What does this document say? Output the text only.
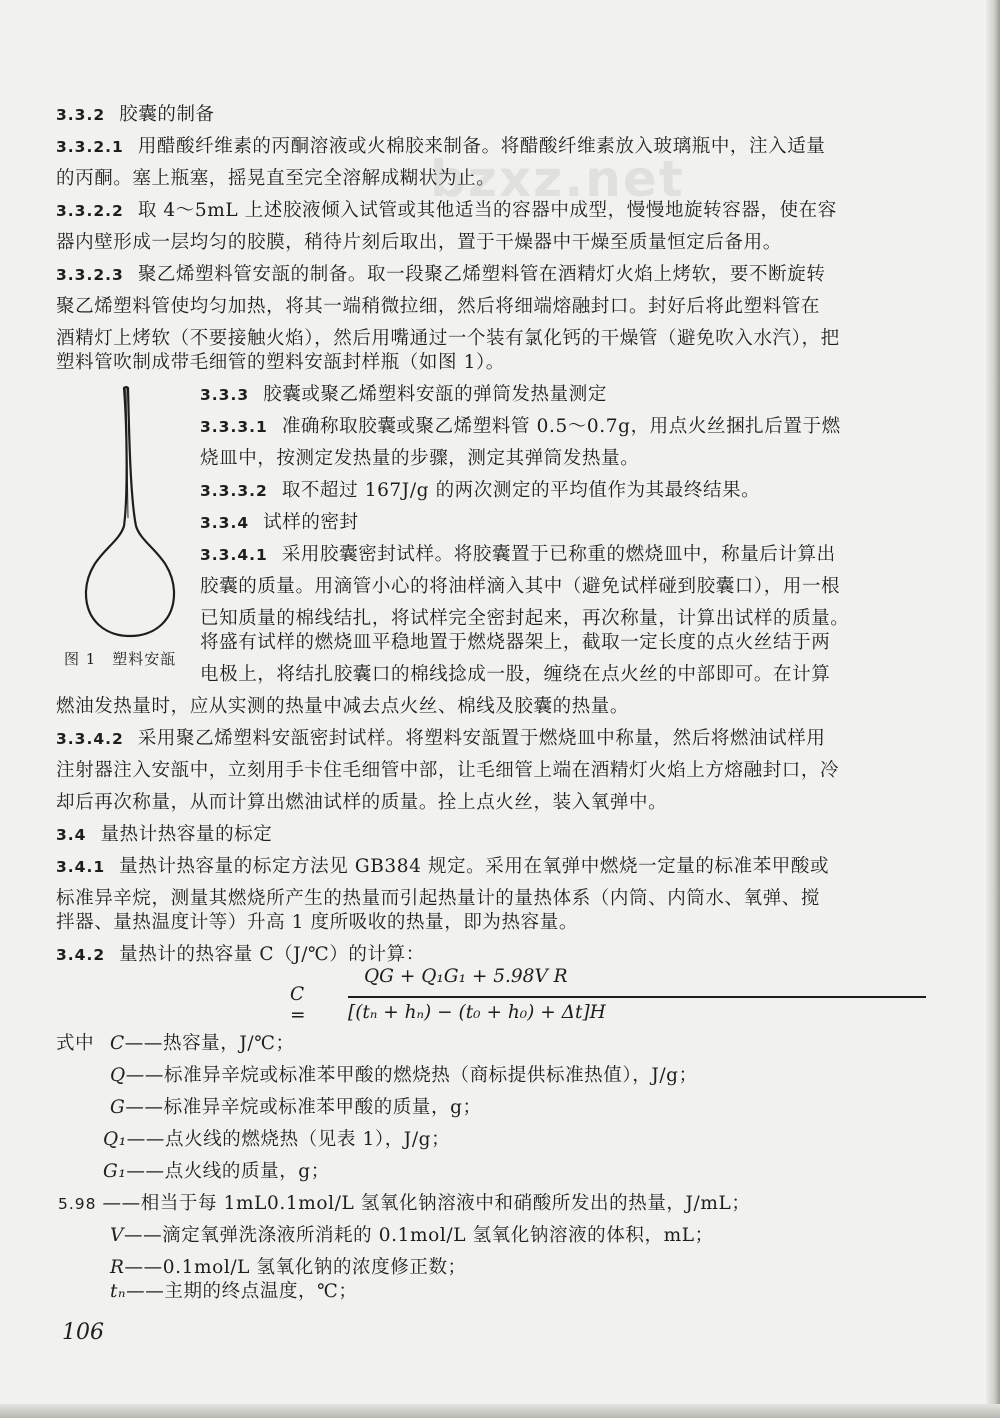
bzxz.net
3.3.2 胶囊的制备
3.3.2.1 用醋酸纤维素的丙酮溶液或火棉胶来制备。将醋酸纤维素放入玻璃瓶中，注入适量
的丙酮。塞上瓶塞，摇晃直至完全溶解成糊状为止。
3.3.2.2 取 4～5mL 上述胶液倾入试管或其他适当的容器中成型，慢慢地旋转容器，使在容
器内壁形成一层均匀的胶膜，稍待片刻后取出，置于干燥器中干燥至质量恒定后备用。
3.3.2.3 聚乙烯塑料管安瓿的制备。取一段聚乙烯塑料管在酒精灯火焰上烤软，要不断旋转
聚乙烯塑料管使均匀加热，将其一端稍微拉细，然后将细端熔融封口。封好后将此塑料管在
酒精灯上烤软（不要接触火焰），然后用嘴通过一个装有氯化钙的干燥管（避免吹入水汽），把
塑料管吹制成带毛细管的塑料安瓿封样瓶（如图 1）。
3.3.3 胶囊或聚乙烯塑料安瓿的弹筒发热量测定
3.3.3.1 准确称取胶囊或聚乙烯塑料管 0.5～0.7g，用点火丝捆扎后置于燃
烧皿中，按测定发热量的步骤，测定其弹筒发热量。
3.3.3.2 取不超过 167J/g 的两次测定的平均值作为其最终结果。
3.3.4 试样的密封
3.3.4.1 采用胶囊密封试样。将胶囊置于已称重的燃烧皿中，称量后计算出
胶囊的质量。用滴管小心的将油样滴入其中（避免试样碰到胶囊口），用一根
已知质量的棉线结扎，将试样完全密封起来，再次称量，计算出试样的质量。
将盛有试样的燃烧皿平稳地置于燃烧器架上，截取一定长度的点火丝结于两
电极上，将结扎胶囊口的棉线捻成一股，缠绕在点火丝的中部即可。在计算
燃油发热量时，应从实测的热量中减去点火丝、棉线及胶囊的热量。
3.3.4.2 采用聚乙烯塑料安瓿密封试样。将塑料安瓿置于燃烧皿中称量，然后将燃油试样用
注射器注入安瓿中，立刻用手卡住毛细管中部，让毛细管上端在酒精灯火焰上方熔融封口，冷
却后再次称量，从而计算出燃油试样的质量。拴上点火丝，装入氧弹中。
3.4 量热计热容量的标定
3.4.1 量热计热容量的标定方法见 GB384 规定。采用在氧弹中燃烧一定量的标准苯甲酸或
标准异辛烷，测量其燃烧所产生的热量而引起热量计的量热体系（内筒、内筒水、氧弹、搅
拌器、量热温度计等）升高 1 度所吸收的热量，即为热容量。
3.4.2 量热计的热容量 C（J/℃）的计算：
C =
QG + Q₁G₁ + 5.98V R
[(tₙ + hₙ) − (t₀ + h₀) + Δt]H
式中 C——热容量，J/℃；
Q——标准异辛烷或标准苯甲酸的燃烧热（商标提供标准热值），J/g；
G——标准异辛烷或标准苯甲酸的质量，g；
Q₁——点火线的燃烧热（见表 1），J/g；
G₁——点火线的质量，g；
5.98 ——相当于每 1mL0.1mol/L 氢氧化钠溶液中和硝酸所发出的热量，J/mL；
V——滴定氧弹洗涤液所消耗的 0.1mol/L 氢氧化钠溶液的体积，mL；
R——0.1mol/L 氢氧化钠的浓度修正数；
tₙ——主期的终点温度，℃；
图 1　塑料安瓿
106
